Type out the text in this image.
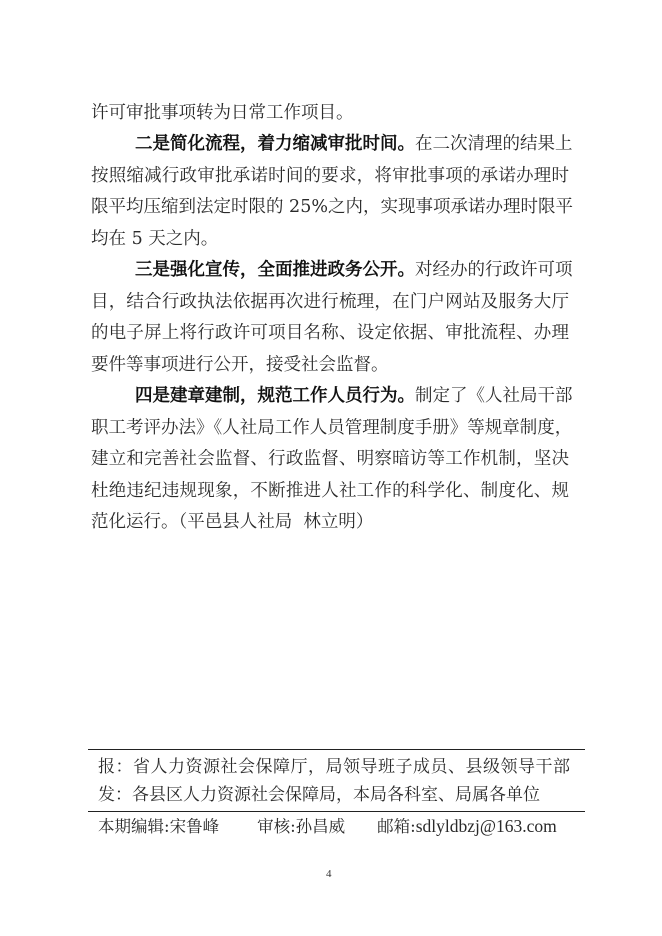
许可审批事项转为日常工作项目。
二是简化流程，着力缩减审批时间。在二次清理的结果上
按照缩减行政审批承诺时间的要求，将审批事项的承诺办理时
限平均压缩到法定时限的 25%之内，实现事项承诺办理时限平
均在 5 天之内。
三是强化宣传，全面推进政务公开。对经办的行政许可项
目，结合行政执法依据再次进行梳理，在门户网站及服务大厅
的电子屏上将行政许可项目名称、设定依据、审批流程、办理
要件等事项进行公开，接受社会监督。
四是建章建制，规范工作人员行为。制定了《人社局干部
职工考评办法》《人社局工作人员管理制度手册》等规章制度，
建立和完善社会监督、行政监督、明察暗访等工作机制，坚决
杜绝违纪违规现象，不断推进人社工作的科学化、制度化、规
范化运行。（平邑县人社局  林立明）
报：省人力资源社会保障厅，局领导班子成员、县级领导干部
发：各县区人力资源社会保障局，本局各科室、局属各单位
本期编辑:宋鲁峰 审核:孙昌威 邮箱:sdlyldbzj@163.com
4
